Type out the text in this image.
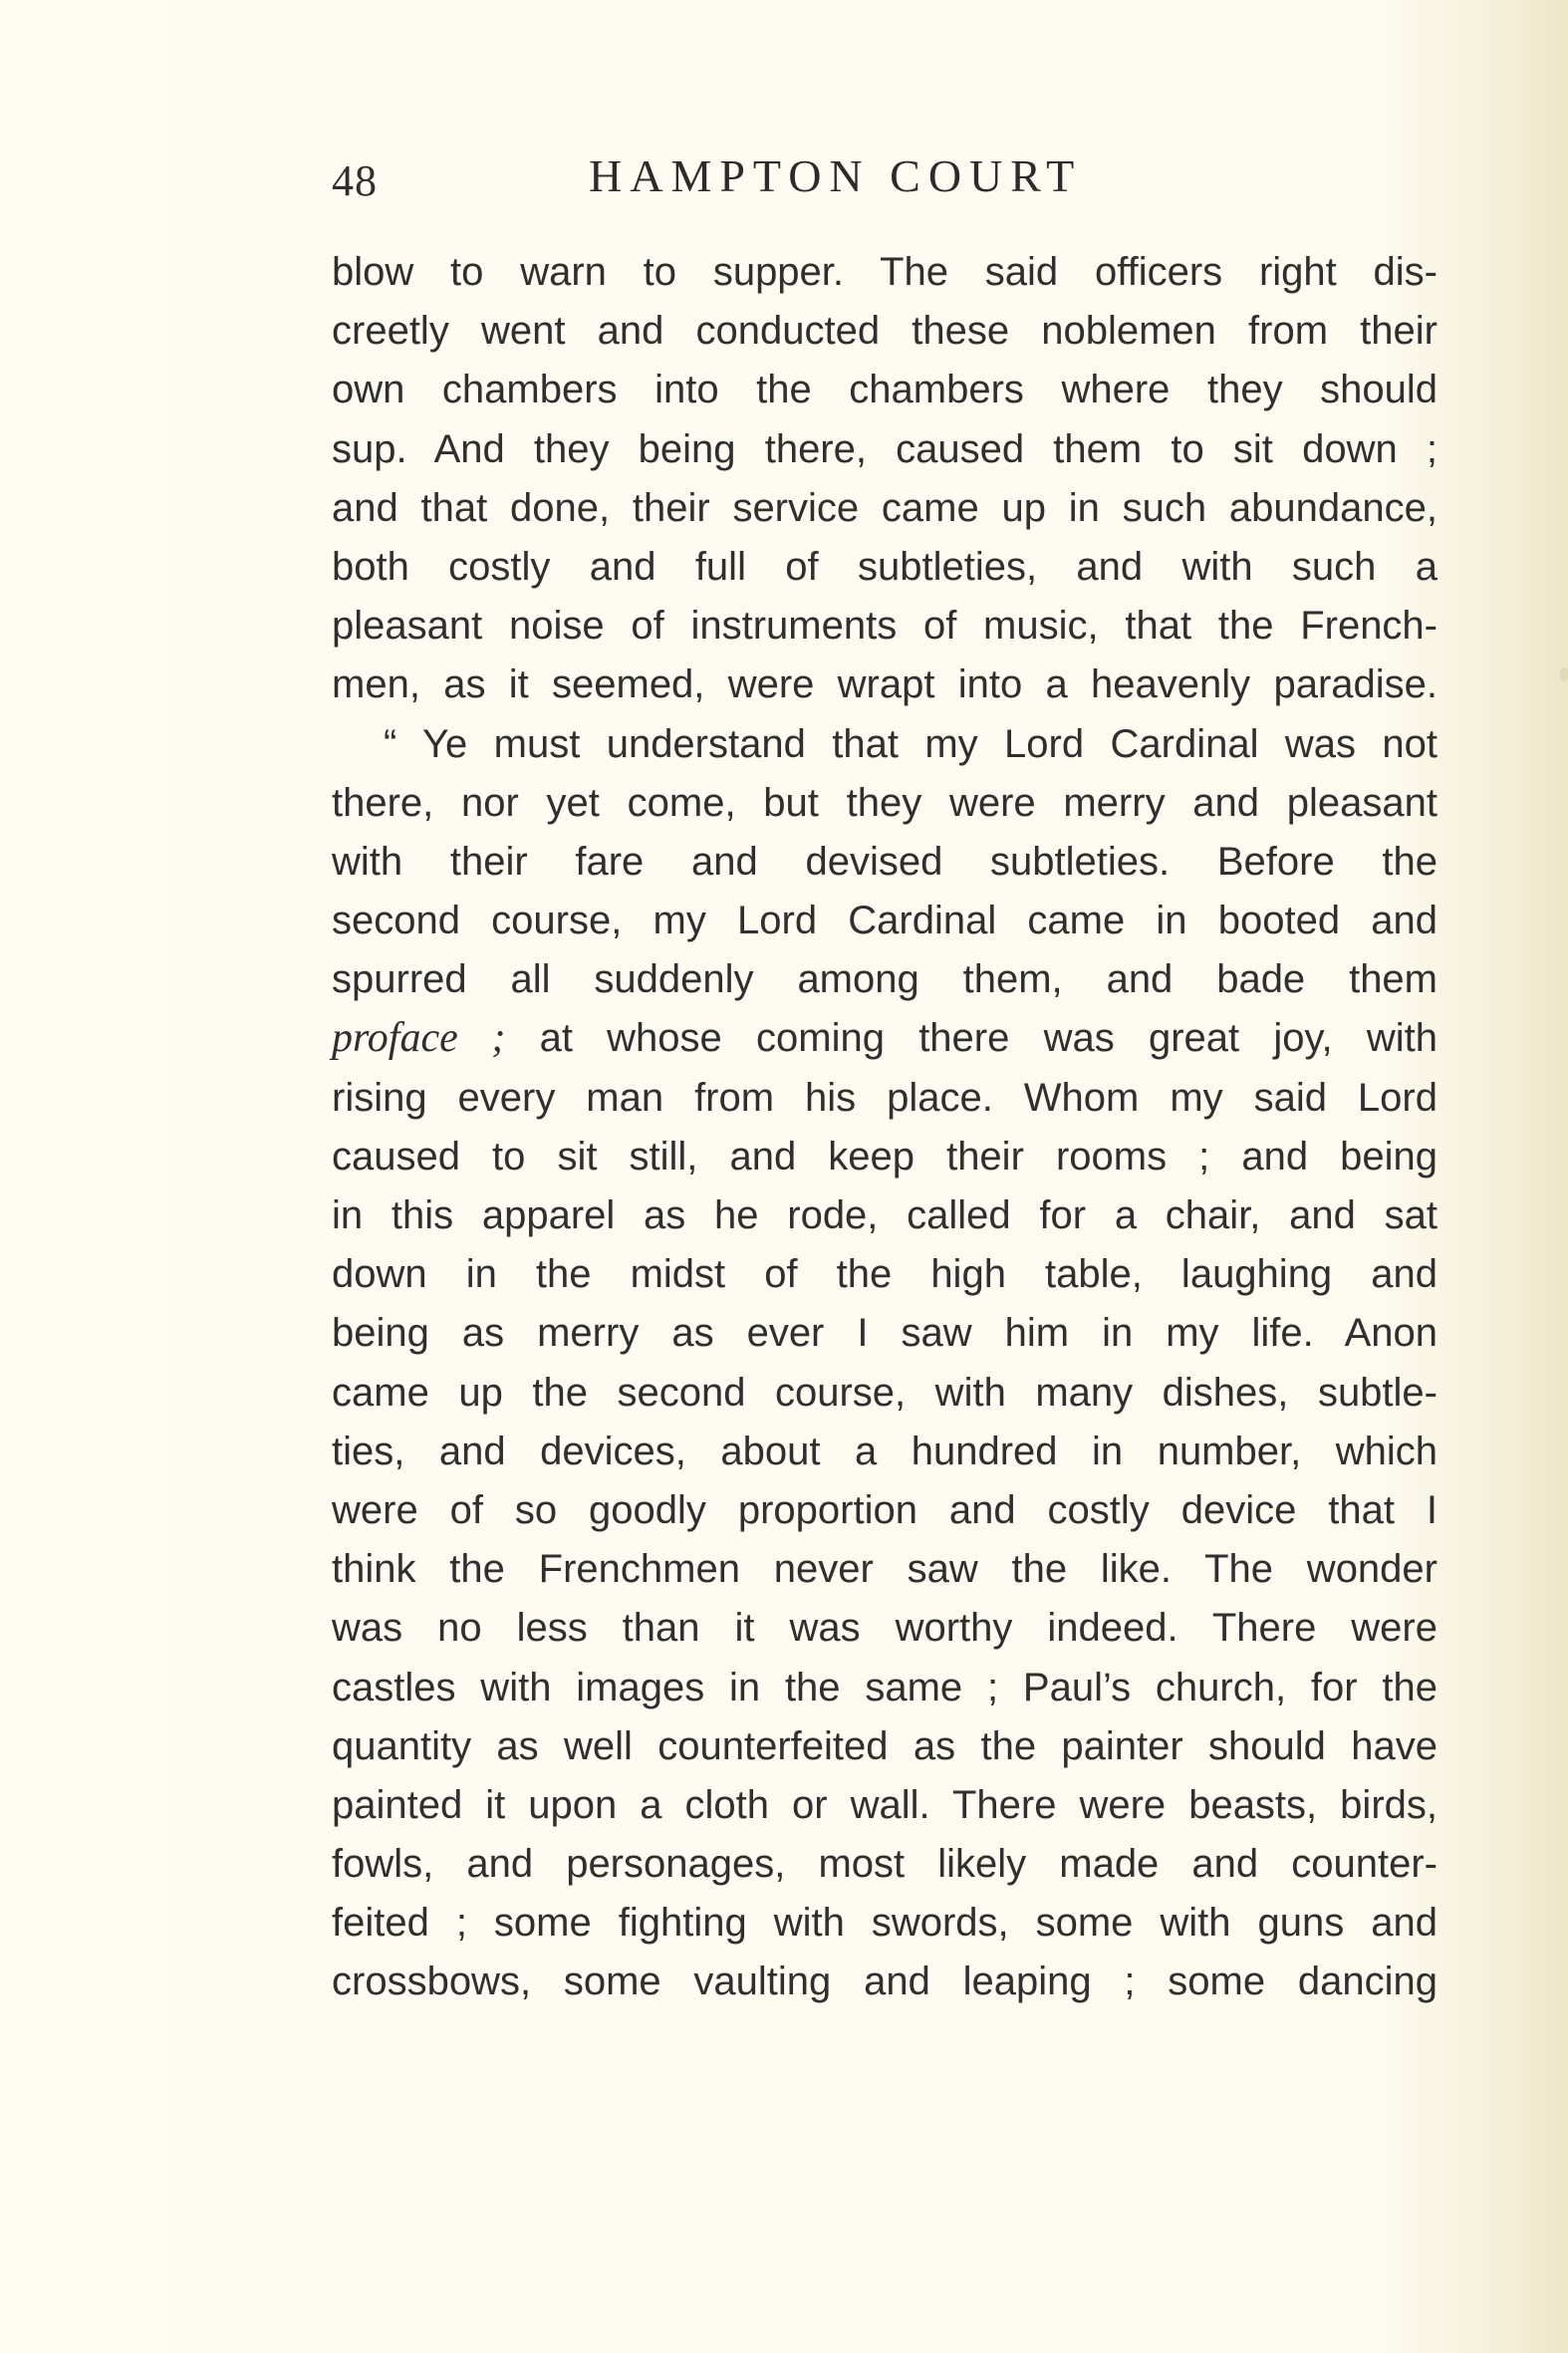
48	HAMPTON COURT
blow to warn to supper. The said officers right dis-
creetly went and conducted these noblemen from their
own chambers into the chambers where they should
sup. And they being there, caused them to sit down ;
and that done, their service came up in such abundance,
both costly and full of subtleties, and with such a
pleasant noise of instruments of music, that the French-
men, as it seemed, were wrapt into a heavenly paradise.
“ Ye must understand that my Lord Cardinal was not
there, nor yet come, but they were merry and pleasant
with their fare and devised subtleties. Before the
second course, my Lord Cardinal came in booted and
spurred all suddenly among them, and bade them
proface ; at whose coming there was great joy, with
rising every man from his place. Whom my said Lord
caused to sit still, and keep their rooms ; and being
in this apparel as he rode, called for a chair, and sat
down in the midst of the high table, laughing and
being as merry as ever I saw him in my life. Anon
came up the second course, with many dishes, subtle-
ties, and devices, about a hundred in number, which
were of so goodly proportion and costly device that I
think the Frenchmen never saw the like. The wonder
was no less than it was worthy indeed. There were
castles with images in the same ; Paul’s church, for the
quantity as well counterfeited as the painter should have
painted it upon a cloth or wall. There were beasts, birds,
fowls, and personages, most likely made and counter-
feited ; some fighting with swords, some with guns and
crossbows, some vaulting and leaping ; some dancing
